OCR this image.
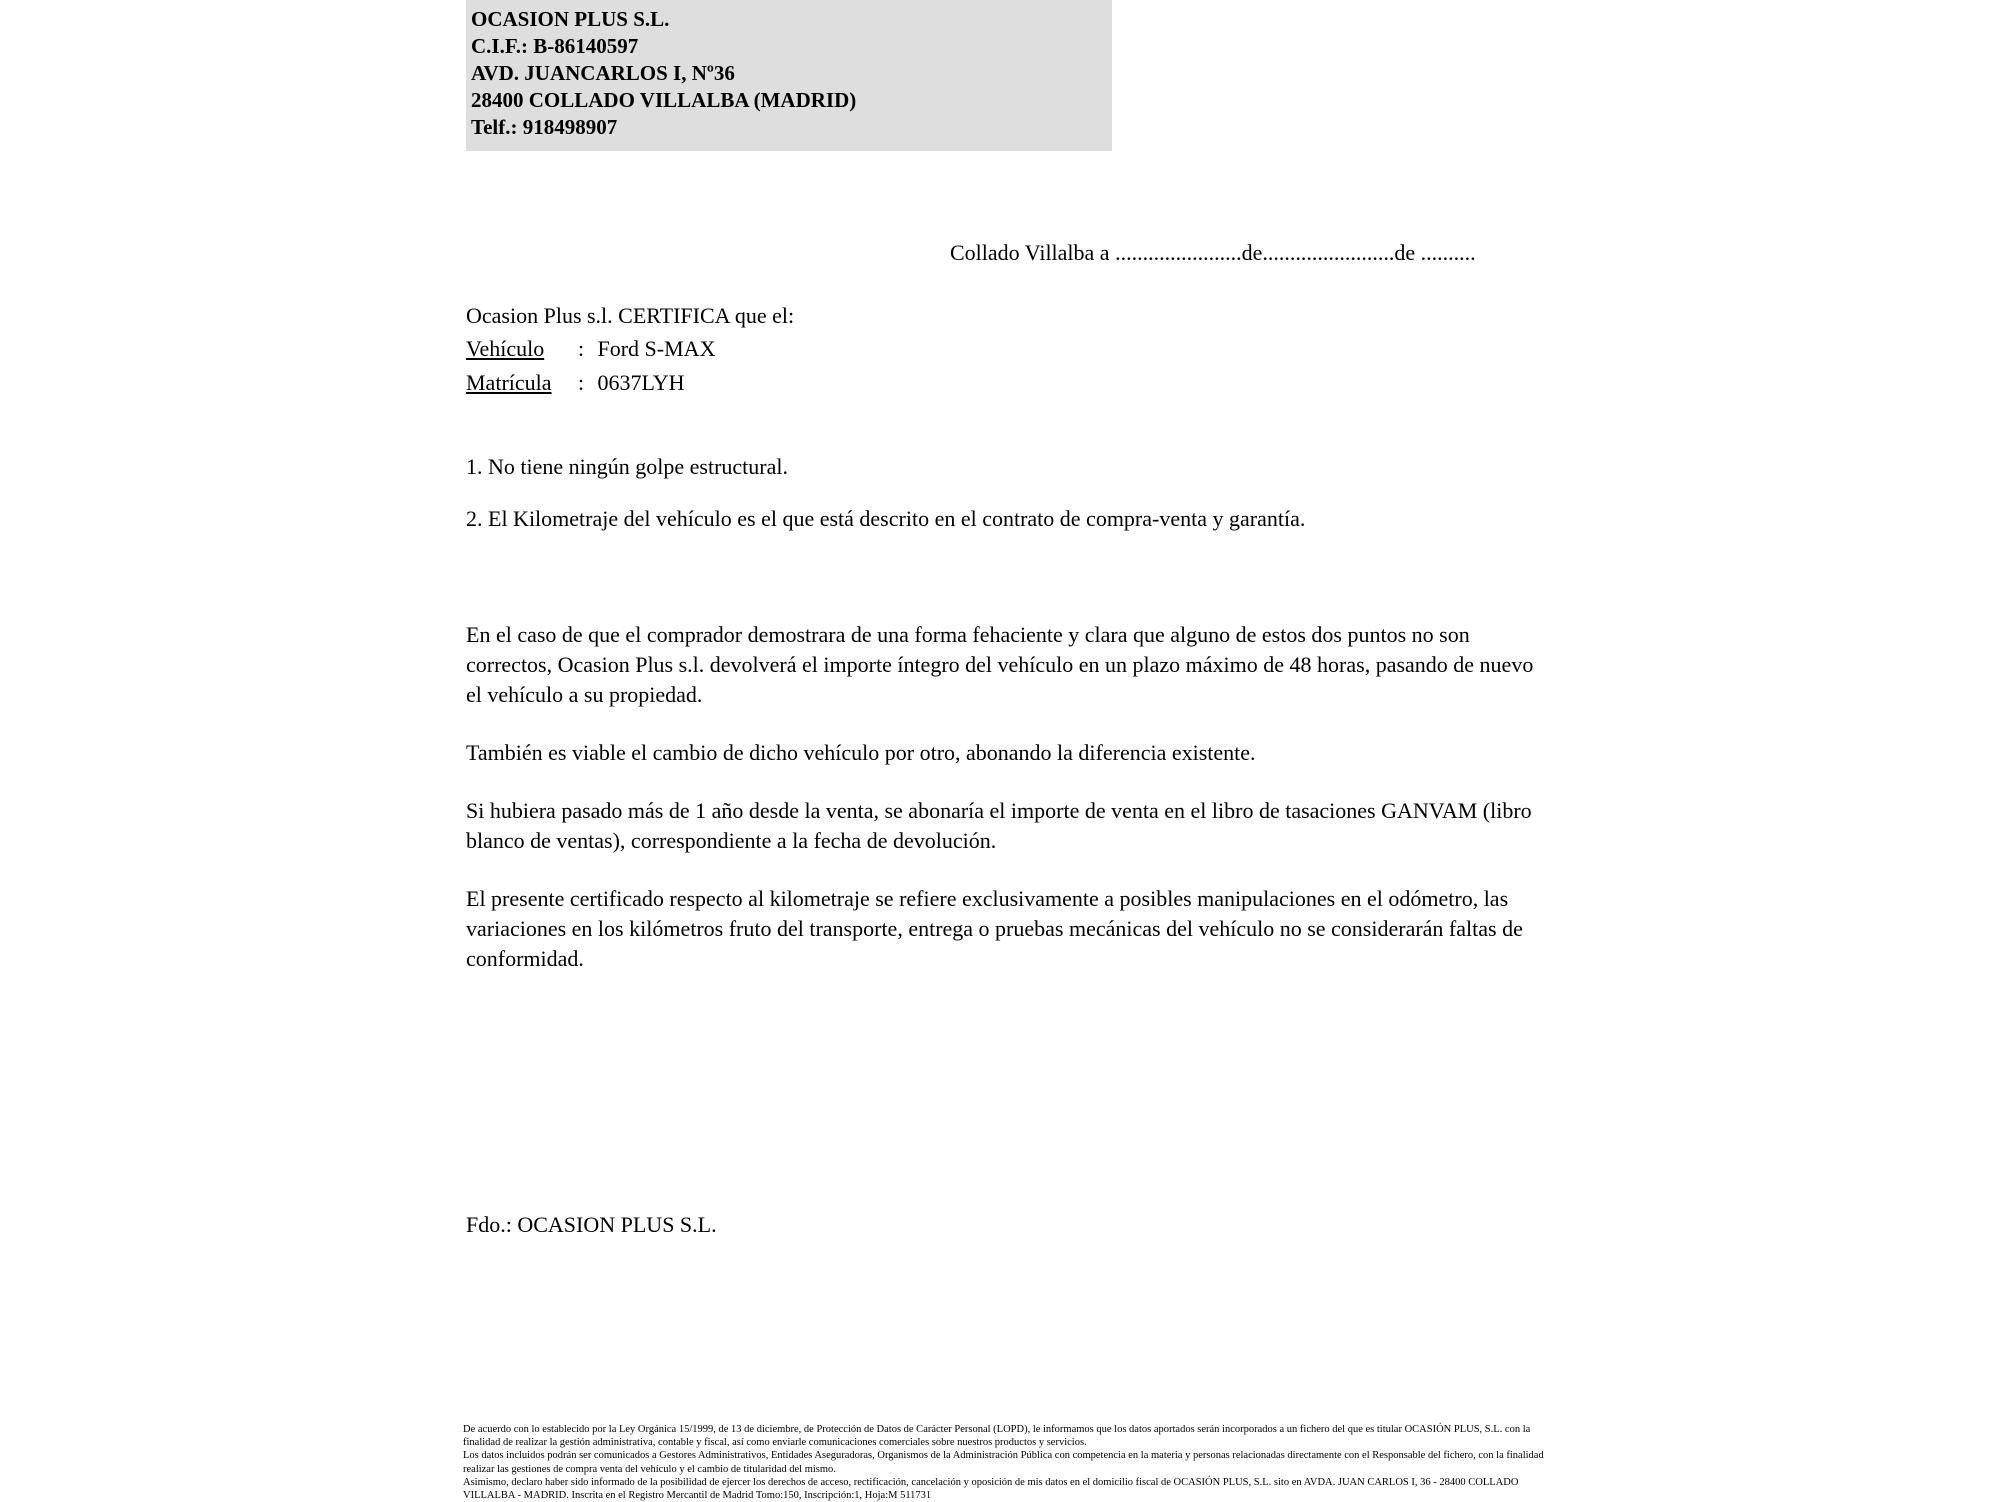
OCASION PLUS S.L.
C.I.F.: B-86140597
AVD. JUANCARLOS I, Nº36
28400 COLLADO VILLALBA (MADRID)
Telf.: 918498907
Collado Villalba a .......................de........................de ..........
Ocasion Plus s.l. CERTIFICA que el:
Vehículo : Ford S-MAX
Matrícula : 0637LYH
1. No tiene ningún golpe estructural.
2. El Kilometraje del vehículo es el que está descrito en el contrato de compra-venta y garantía.
En el caso de que el comprador demostrara de una forma fehaciente y clara que alguno de estos dos puntos no son correctos, Ocasion Plus s.l. devolverá el importe íntegro del vehículo en un plazo máximo de 48 horas, pasando de nuevo el vehículo a su propiedad.
También es viable el cambio de dicho vehículo por otro, abonando la diferencia existente.
Si hubiera pasado más de 1 año desde la venta, se abonaría el importe de venta en el libro de tasaciones GANVAM (libro blanco de ventas), correspondiente a la fecha de devolución.
El presente certificado respecto al kilometraje se refiere exclusivamente a posibles manipulaciones en el odómetro, las variaciones en los kilómetros fruto del transporte, entrega o pruebas mecánicas del vehículo no se considerarán faltas de conformidad.
Fdo.: OCASION PLUS S.L.

De acuerdo con lo establecido por la Ley Orgánica 15/1999, de 13 de diciembre, de Protección de Datos de Carácter Personal (LOPD), le informamos que los datos aportados serán incorporados a un fichero del que es titular OCASIÓN PLUS, S.L. con la finalidad de realizar la gestión administrativa, contable y fiscal, así como enviarle comunicaciones comerciales sobre nuestros productos y servicios.

Los datos incluidos podrán ser comunicados a Gestores Administrativos, Entidades Aseguradoras, Organismos de la Administración Pública con competencia en la materia y personas relacionadas directamente con el Responsable del fichero, con la finalidad realizar las gestiones de compra venta del vehículo y el cambio de titularidad del mismo.

Asimismo, declaro haber sido informado de la posibilidad de ejercer los derechos de acceso, rectificación, cancelación y oposición de mis datos en el domicilio fiscal de OCASIÓN PLUS, S.L. sito en AVDA. JUAN CARLOS I, 36 - 28400 COLLADO VILLALBA - MADRID. Inscrita en el Registro Mercantil de Madrid Tomo:150, Inscripción:1, Hoja:M 511731
